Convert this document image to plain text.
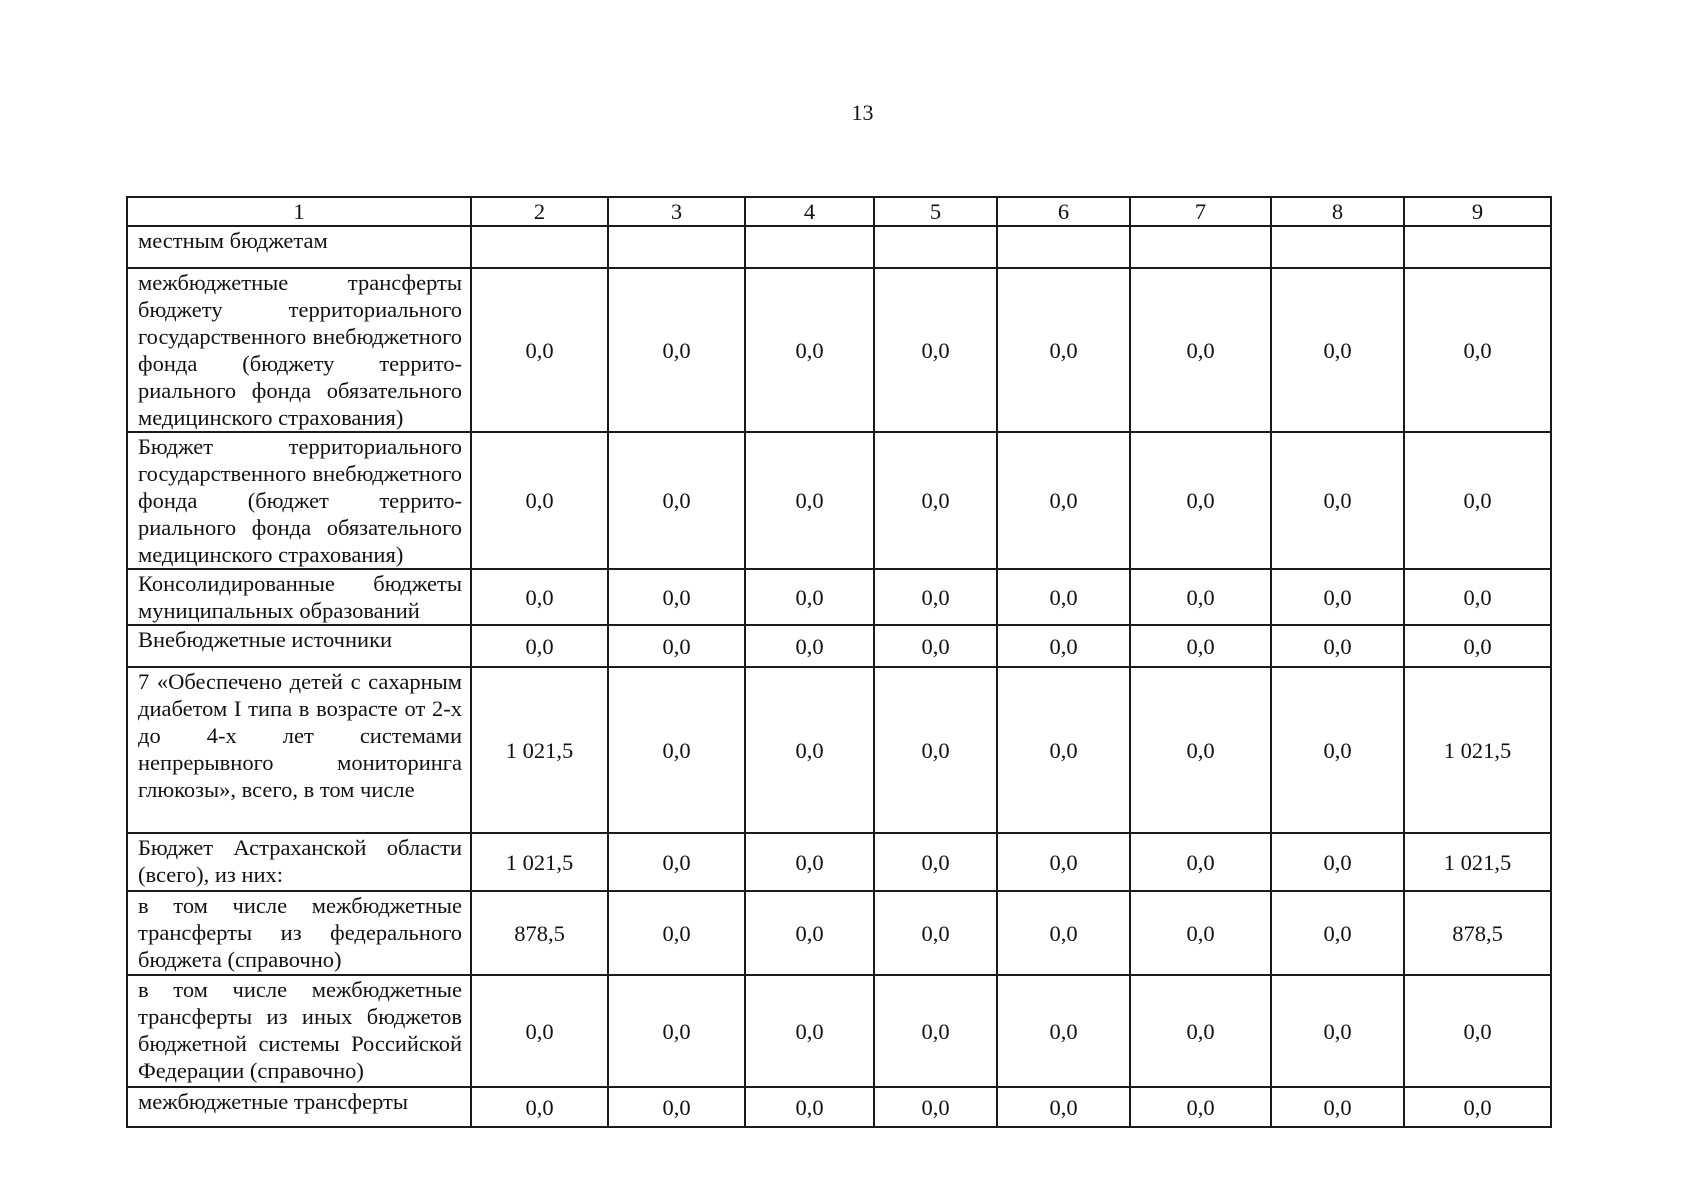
13
1	2	3	4	5	6	7	8	9
местным бюджетам								
межбюджетные трансферты бюджету территориального государственного внебюджетного фонда (бюджету территориального фонда обязательного медицинского страхования)	0,0	0,0	0,0	0,0	0,0	0,0	0,0	0,0
Бюджет территориального государственного внебюджетного фонда (бюджет территориального фонда обязательного медицинского страхования)	0,0	0,0	0,0	0,0	0,0	0,0	0,0	0,0
Консолидированные бюджеты муниципальных образований	0,0	0,0	0,0	0,0	0,0	0,0	0,0	0,0
Внебюджетные источники	0,0	0,0	0,0	0,0	0,0	0,0	0,0	0,0
7 «Обеспечено детей с сахарным диабетом I типа в возрасте от 2-х до 4-х лет системами непрерывного мониторинга глюкозы», всего, в том числе	1 021,5	0,0	0,0	0,0	0,0	0,0	0,0	1 021,5
Бюджет Астраханской области (всего), из них:	1 021,5	0,0	0,0	0,0	0,0	0,0	0,0	1 021,5
в том числе межбюджетные трансферты из федерального бюджета (справочно)	878,5	0,0	0,0	0,0	0,0	0,0	0,0	878,5
в том числе межбюджетные трансферты из иных бюджетов бюджетной системы Российской Федерации (справочно)	0,0	0,0	0,0	0,0	0,0	0,0	0,0	0,0
межбюджетные трансферты	0,0	0,0	0,0	0,0	0,0	0,0	0,0	0,0
